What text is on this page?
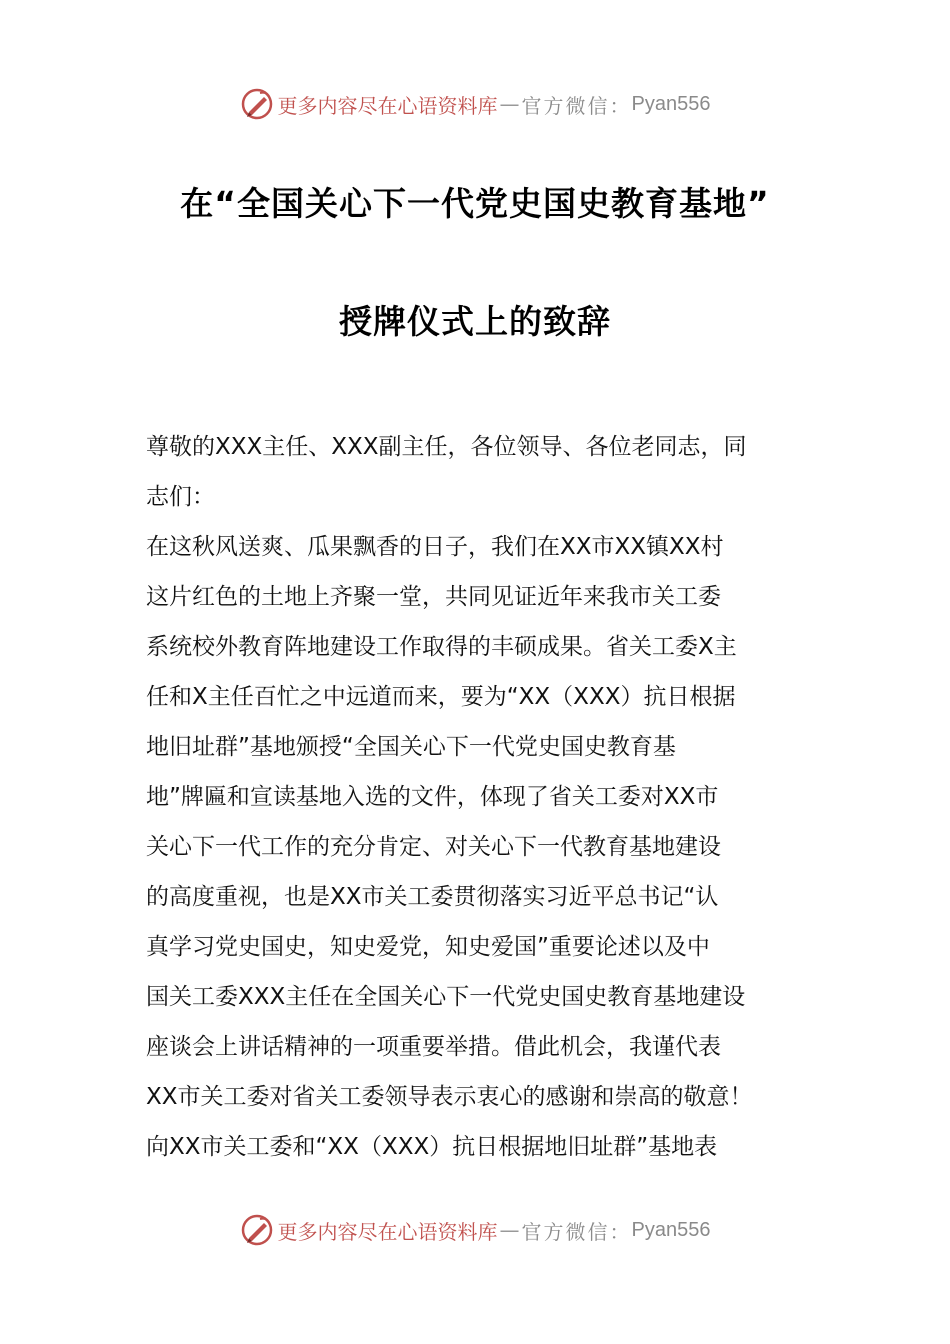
更多内容尽在心语资料库 — 官方微信： Pyan556
在“全国关心下一代党史国史教育基地”
授牌仪式上的致辞
尊敬的XXX主任、XXX副主任，各位领导、各位老同志，同
志们：
在这秋风送爽、瓜果飘香的日子，我们在XX市XX镇XX村
这片红色的土地上齐聚一堂，共同见证近年来我市关工委
系统校外教育阵地建设工作取得的丰硕成果。省关工委X主
任和X主任百忙之中远道而来，要为“XX（XXX）抗日根据
地旧址群”基地颁授“全国关心下一代党史国史教育基
地”牌匾和宣读基地入选的文件，体现了省关工委对XX市
关心下一代工作的充分肯定、对关心下一代教育基地建设
的高度重视，也是XX市关工委贯彻落实习近平总书记“认
真学习党史国史，知史爱党，知史爱国”重要论述以及中
国关工委XXX主任在全国关心下一代党史国史教育基地建设
座谈会上讲话精神的一项重要举措。借此机会，我谨代表
XX市关工委对省关工委领导表示衷心的感谢和崇高的敬意！
向XX市关工委和“XX（XXX）抗日根据地旧址群”基地表
更多内容尽在心语资料库 — 官方微信： Pyan556
